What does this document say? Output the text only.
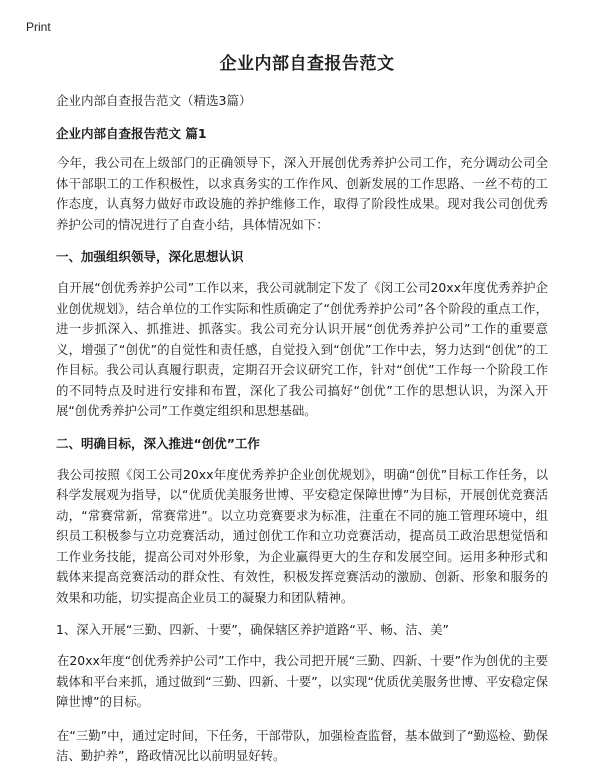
Print
企业内部自查报告范文

企业内部自查报告范文（精选3篇）

企业内部自查报告范文 篇1

今年，我公司在上级部门的正确领导下，深入开展创优秀养护公司工作，充分调动公司全体干部职工的工作积极性，以求真务实的工作作风、创新发展的工作思路、一丝不苟的工作态度，认真努力做好市政设施的养护维修工作，取得了阶段性成果。现对我公司创优秀养护公司的情况进行了自查小结，具体情况如下：

一、加强组织领导，深化思想认识

自开展“创优秀养护公司”工作以来，我公司就制定下发了《闵工公司20xx年度优秀养护企业创优规划》，结合单位的工作实际和性质确定了“创优秀养护公司”各个阶段的重点工作，进一步抓深入、抓推进、抓落实。我公司充分认识开展“创优秀养护公司”工作的重要意义，增强了“创优”的自觉性和责任感，自觉投入到“创优”工作中去，努力达到“创优”的工作目标。我公司认真履行职责，定期召开会议研究工作，针对“创优”工作每一个阶段工作的不同特点及时进行安排和布置，深化了我公司搞好“创优”工作的思想认识，为深入开展“创优秀养护公司”工作奠定组织和思想基础。

二、明确目标，深入推进“创优”工作

我公司按照《闵工公司20xx年度优秀养护企业创优规划》，明确“创优”目标工作任务，以科学发展观为指导，以“优质优美服务世博、平安稳定保障世博”为目标，开展创优竞赛活动，“常赛常新，常赛常进”。以立功竞赛要求为标准，注重在不同的施工管理环境中，组织员工积极参与立功竞赛活动，通过创优工作和立功竞赛活动，提高员工政治思想觉悟和工作业务技能，提高公司对外形象，为企业赢得更大的生存和发展空间。运用多种形式和载体来提高竞赛活动的群众性、有效性，积极发挥竞赛活动的激励、创新、形象和服务的效果和功能，切实提高企业员工的凝聚力和团队精神。

1、深入开展“三勤、四新、十要”，确保辖区养护道路“平、畅、洁、美”

在20xx年度“创优秀养护公司”工作中，我公司把开展“三勤、四新、十要”作为创优的主要载体和平台来抓，通过做到“三勤、四新、十要”，以实现“优质优美服务世博、平安稳定保障世博”的目标。

在“三勤”中，通过定时间，下任务，干部带队，加强检查监督，基本做到了“勤巡检、勤保洁、勤护养”，路政情况比以前明显好转。
